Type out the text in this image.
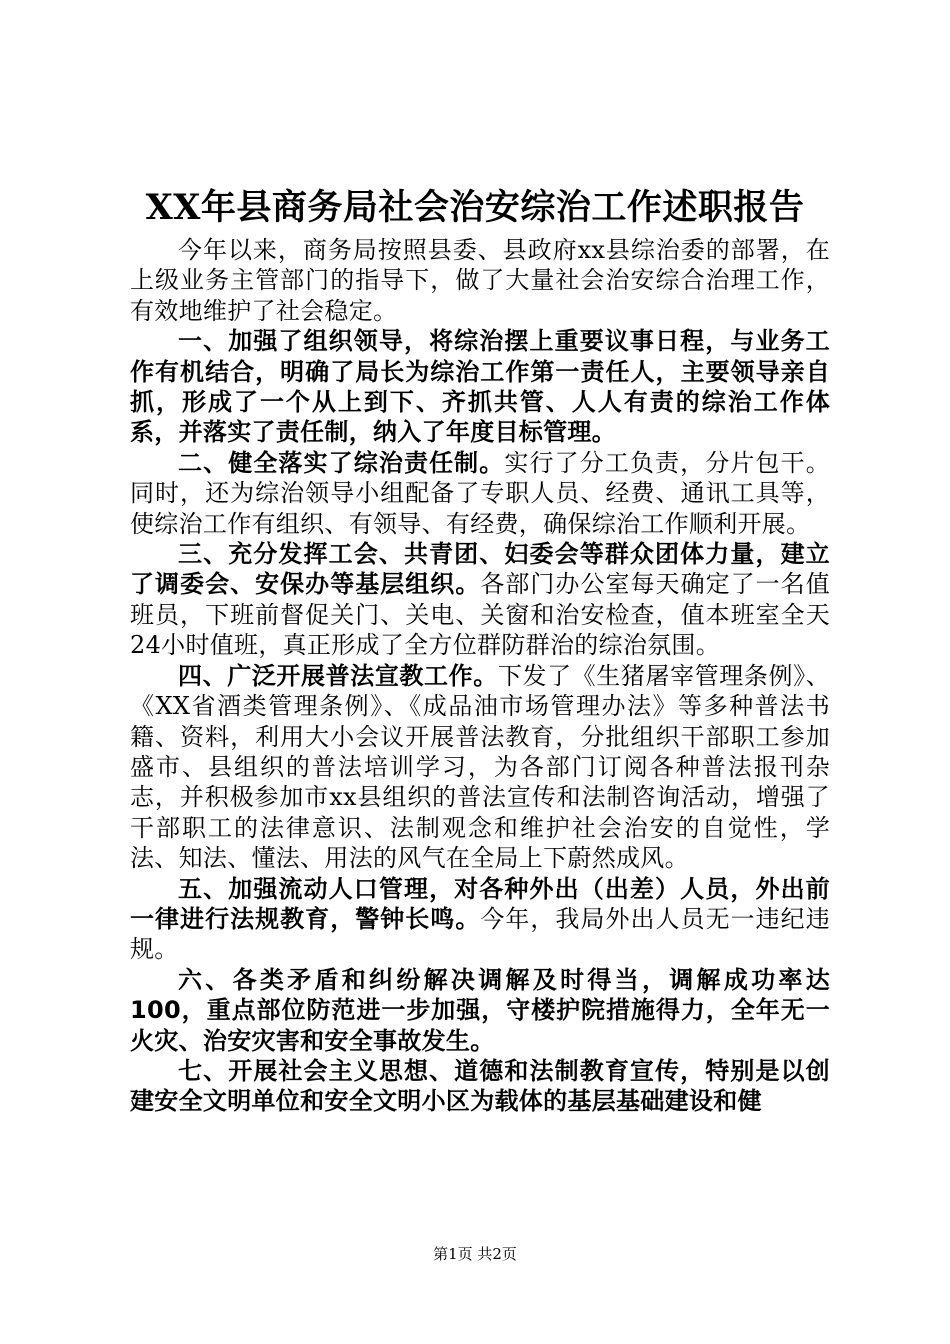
XX年县商务局社会治安综治工作述职报告

今年以来，商务局按照县委、县政府xx县综治委的部署，在上级业务主管部门的指导下，做了大量社会治安综合治理工作，有效地维护了社会稳定。

一、加强了组织领导，将综治摆上重要议事日程，与业务工作有机结合，明确了局长为综治工作第一责任人，主要领导亲自抓，形成了一个从上到下、齐抓共管、人人有责的综治工作体系，并落实了责任制，纳入了年度目标管理。

二、健全落实了综治责任制。实行了分工负责，分片包干。同时，还为综治领导小组配备了专职人员、经费、通讯工具等，使综治工作有组织、有领导、有经费，确保综治工作顺利开展。

三、充分发挥工会、共青团、妇委会等群众团体力量，建立了调委会、安保办等基层组织。各部门办公室每天确定了一名值班员，下班前督促关门、关电、关窗和治安检查，值本班室全天24小时值班，真正形成了全方位群防群治的综治氛围。

四、广泛开展普法宣教工作。下发了《生猪屠宰管理条例》、《XX省酒类管理条例》、《成品油市场管理办法》等多种普法书籍、资料，利用大小会议开展普法教育，分批组织干部职工参加盛市、县组织的普法培训学习，为各部门订阅各种普法报刊杂志，并积极参加市xx县组织的普法宣传和法制咨询活动，增强了干部职工的法律意识、法制观念和维护社会治安的自觉性，学法、知法、懂法、用法的风气在全局上下蔚然成风。

五、加强流动人口管理，对各种外出（出差）人员，外出前一律进行法规教育，警钟长鸣。今年，我局外出人员无一违纪违规。

六、各类矛盾和纠纷解决调解及时得当，调解成功率达100，重点部位防范进一步加强，守楼护院措施得力，全年无一火灾、治安灾害和安全事故发生。

七、开展社会主义思想、道德和法制教育宣传，特别是以创建安全文明单位和安全文明小区为载体的基层基础建设和健

第1页 共2页
